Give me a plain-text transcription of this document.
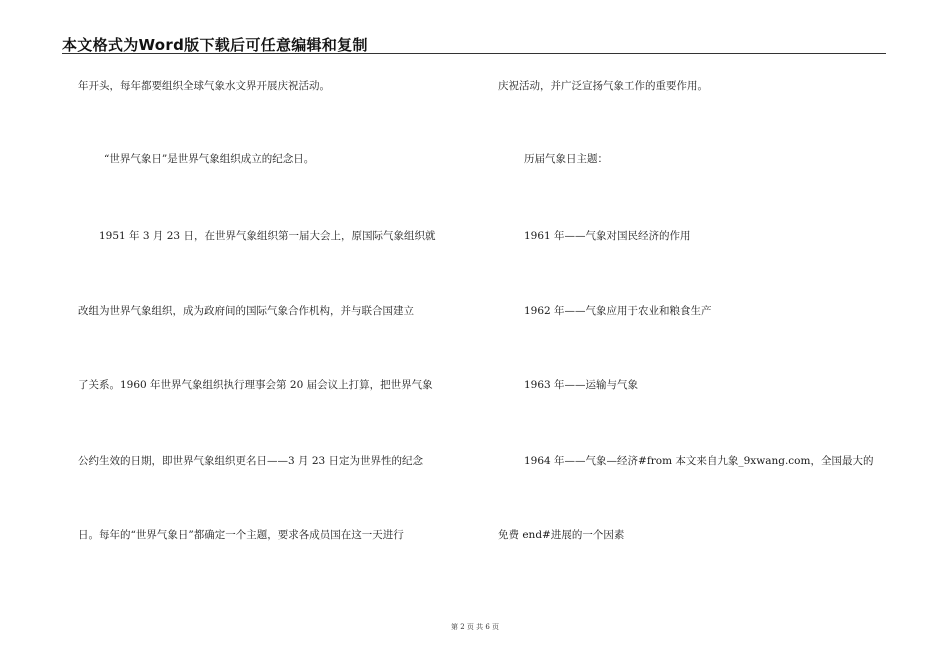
本文格式为Word版下载后可任意编辑和复制
年开头，每年都要组织全球气象水文界开展庆祝活动。
“世界气象日”是世界气象组织成立的纪念日。
1951 年 3 月 23 日，在世界气象组织第一届大会上，原国际气象组织就
改组为世界气象组织，成为政府间的国际气象合作机构，并与联合国建立
了关系。1960 年世界气象组织执行理事会第 20 届会议上打算，把世界气象
公约生效的日期，即世界气象组织更名日——3 月 23 日定为世界性的纪念
日。每年的“世界气象日”都确定一个主题，要求各成员国在这一天进行
庆祝活动，并广泛宣扬气象工作的重要作用。
历届气象日主题：
1961 年——气象对国民经济的作用
1962 年——气象应用于农业和粮食生产
1963 年——运输与气象
1964 年——气象—经济#from 本文来自九象_9xwang.com，全国最大的
免费 end#进展的一个因素
第 2 页 共 6 页
